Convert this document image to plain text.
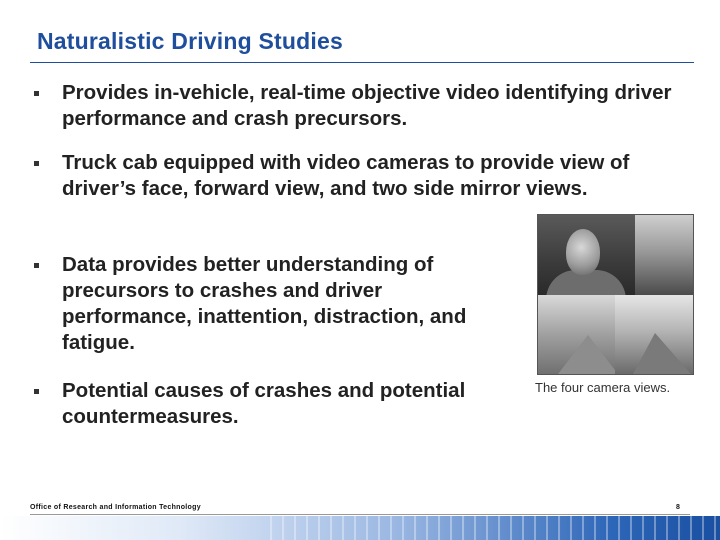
Naturalistic Driving Studies
Provides in-vehicle, real-time objective video identifying driver performance and crash precursors.
Truck cab equipped with video cameras to provide view of driver’s face, forward view, and two side mirror views.
Data provides better understanding of precursors to crashes and driver performance, inattention, distraction, and fatigue.
Potential causes of crashes and potential countermeasures.
The four camera views.
Office of Research and Information Technology	8
